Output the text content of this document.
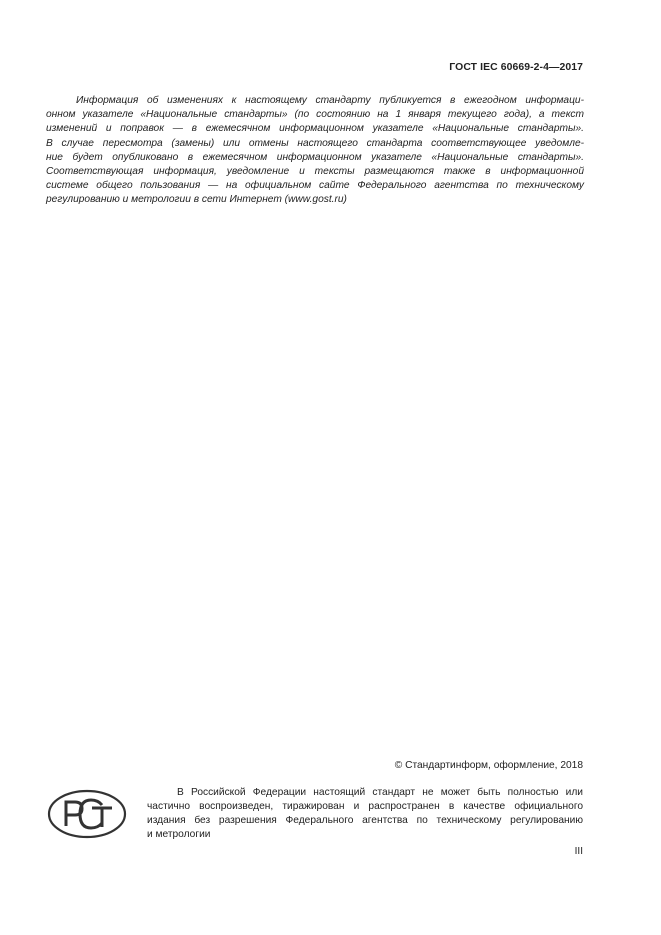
ГОСТ IEC 60669-2-4—2017

Информация об изменениях к настоящему стандарту публикуется в ежегодном информаци-
онном указателе «Национальные стандарты» (по состоянию на 1 января текущего года), а текст
изменений и поправок — в ежемесячном информационном указателе «Национальные стандарты».
В случае пересмотра (замены) или отмены настоящего стандарта соответствующее уведомле-
ние будет опубликовано в ежемесячном информационном указателе «Национальные стандарты».
Соответствующая информация, уведомление и тексты размещаются также в информационной
системе общего пользования — на официальном сайте Федерального агентства по техническому
регулированию и метрологии в сети Интернет (www.gost.ru)

© Стандартинформ, оформление, 2018

В Российской Федерации настоящий стандарт не может быть полностью или
частично воспроизведен, тиражирован и распространен в качестве официального
издания без разрешения Федерального агентства по техническому регулированию
и метрологии

III
